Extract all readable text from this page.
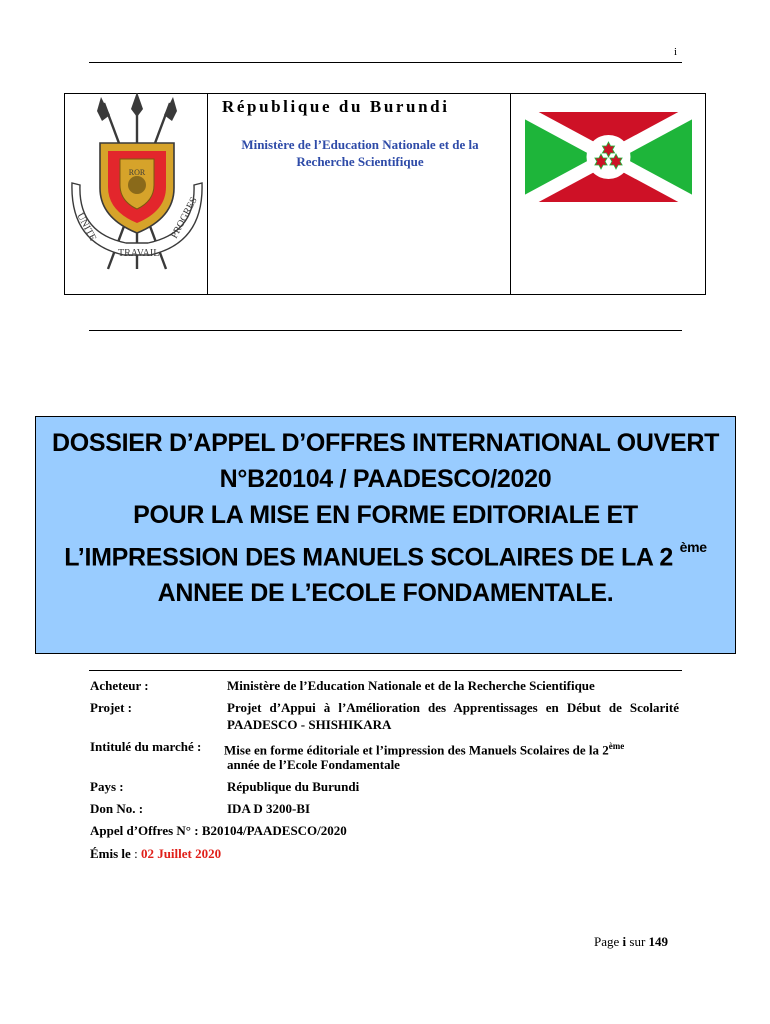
i
UNITE
TRAVAIL
PROGRES
ROR
République du Burundi
Ministère de l’Education Nationale et de la Recherche Scientifique
DOSSIER D’APPEL D’OFFRES INTERNATIONAL OUVERT
N°B20104 / PAADESCO/2020
POUR LA MISE EN FORME EDITORIALE ET
L’IMPRESSION DES MANUELS SCOLAIRES DE LA 2 $^{ème}$
ANNEE DE L’ECOLE FONDAMENTALE.
Acheteur :	Ministère de l’Education Nationale et de la Recherche Scientifique
Projet :	Projet d’Appui à l’Amélioration des Apprentissages en Début de Scolarité PAADESCO - SHISHIKARA
Intitulé du marché : Mise en forme éditoriale et l’impression des Manuels Scolaires de la 2ème
année de l’Ecole Fondamentale
Pays :	République du Burundi
Don No. :	IDA D 3200-BI
Appel d’Offres N° : B20104/PAADESCO/2020
Émis le : 02 Juillet 2020
Page i sur 149
